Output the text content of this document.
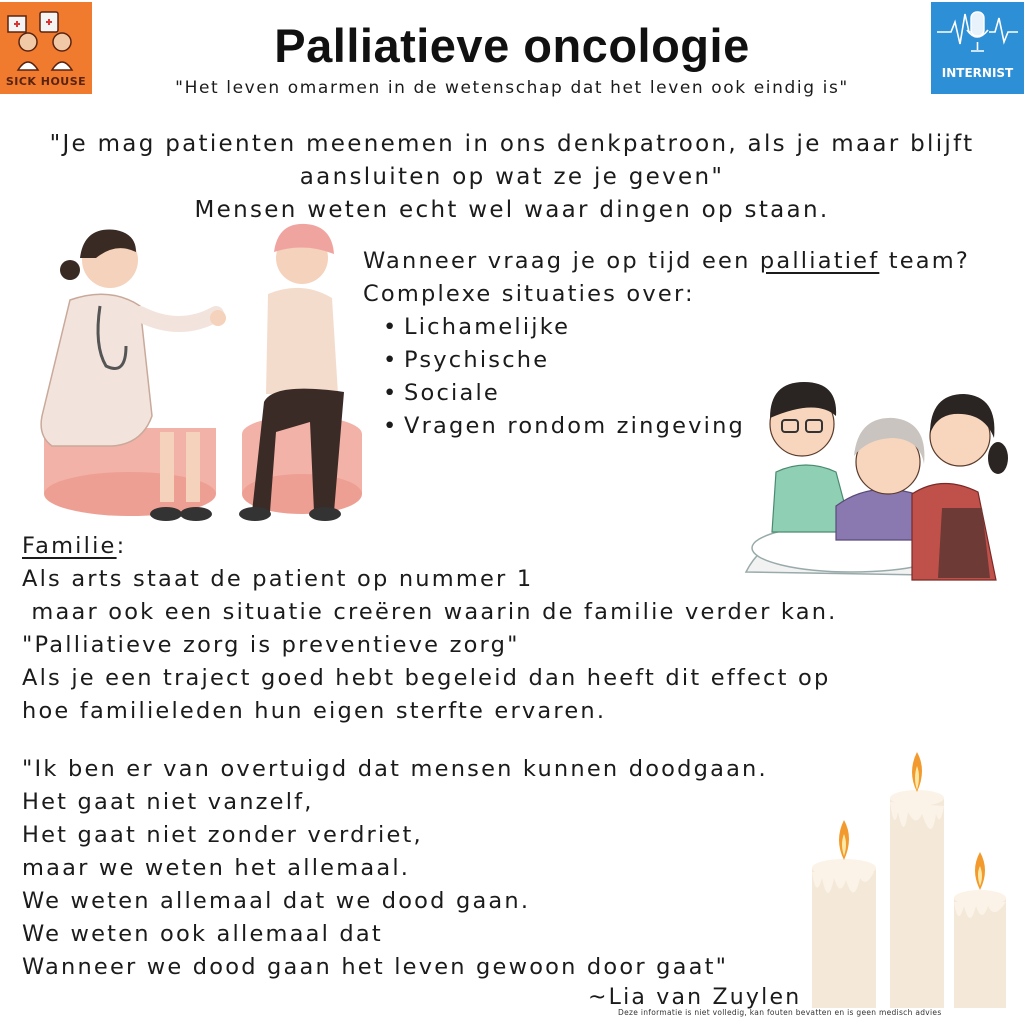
SICK HOUSE
INTERNIST
Palliatieve oncologie
"Het leven omarmen in de wetenschap dat het leven ook eindig is"
"Je mag patienten meenemen in ons denkpatroon, als je maar blijft
aansluiten op wat ze je geven"
Mensen weten echt wel waar dingen op staan.
Wanneer vraag je op tijd een palliatief team?
Complexe situaties over:
• Lichamelijke
• Psychische
• Sociale
• Vragen rondom zingeving
Familie:
Als arts staat de patient op nummer 1
maar ook een situatie creëren waarin de familie verder kan.
"Palliatieve zorg is preventieve zorg"
Als je een traject goed hebt begeleid dan heeft dit effect op
hoe familieleden hun eigen sterfte ervaren.
"Ik ben er van overtuigd dat mensen kunnen doodgaan.
Het gaat niet vanzelf,
Het gaat niet zonder verdriet,
maar we weten het allemaal.
We weten allemaal dat we dood gaan.
We weten ook allemaal dat
Wanneer we dood gaan het leven gewoon door gaat"
~Lia van Zuylen
Deze informatie is niet volledig, kan fouten bevatten en is geen medisch advies
